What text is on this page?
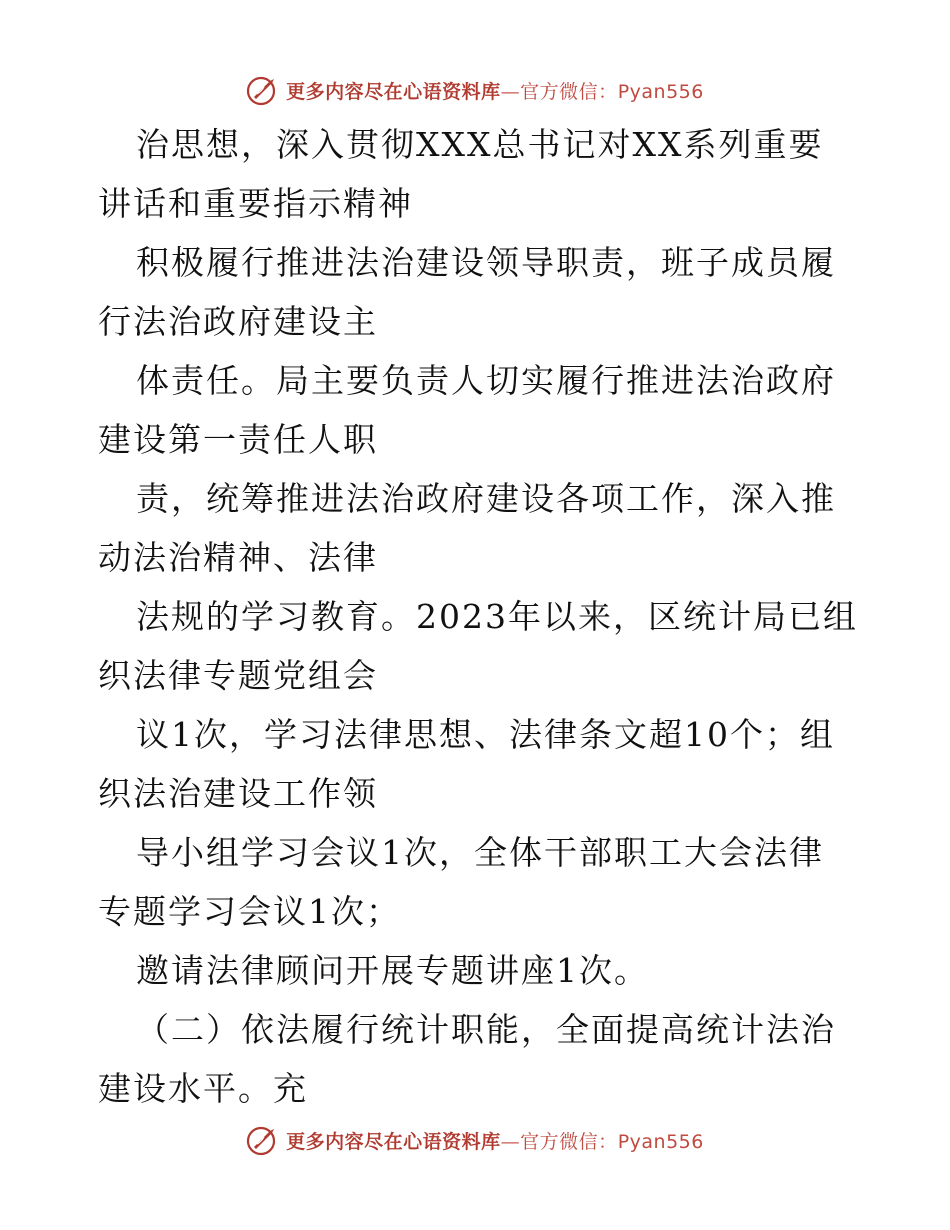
更多内容尽在心语资料库—官方微信：Pyan556

治思想，深入贯彻XXX总书记对XX系列重要讲话和重要指示精神

积极履行推进法治建设领导职责，班子成员履行法治政府建设主

体责任。局主要负责人切实履行推进法治政府建设第一责任人职

责，统筹推进法治政府建设各项工作，深入推动法治精神、法律

法规的学习教育。2023年以来，区统计局已组织法律专题党组会

议1次，学习法律思想、法律条文超10个；组织法治建设工作领

导小组学习会议1次，全体干部职工大会法律专题学习会议1次；

邀请法律顾问开展专题讲座1次。

（二）依法履行统计职能，全面提高统计法治建设水平。充

更多内容尽在心语资料库—官方微信：Pyan556
